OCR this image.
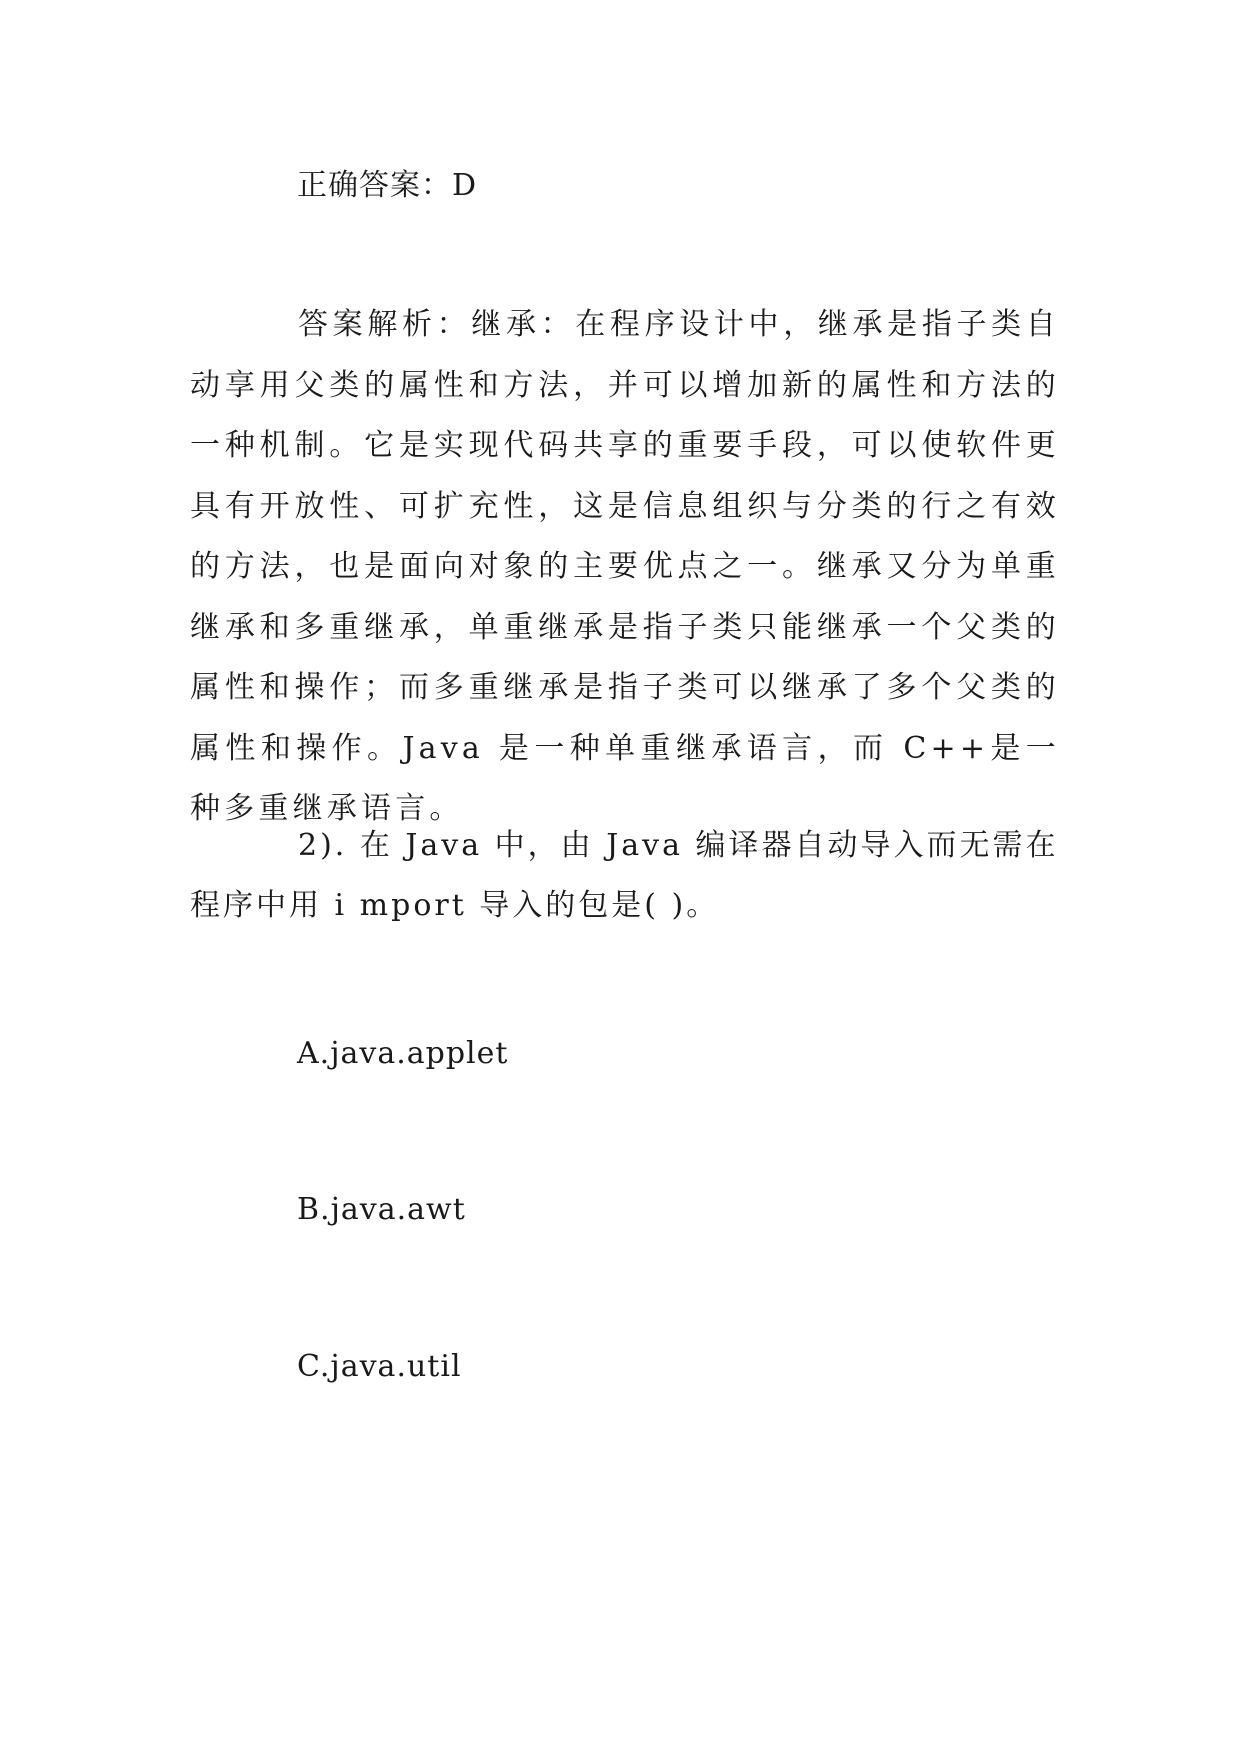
正确答案：D
答案解析：继承：在程序设计中，继承是指子类自动享用父类的属性和方法，并可以增加新的属性和方法的一种机制。它是实现代码共享的重要手段，可以使软件更具有开放性、可扩充性，这是信息组织与分类的行之有效的方法，也是面向对象的主要优点之一。继承又分为单重继承和多重继承，单重继承是指子类只能继承一个父类的属性和操作；而多重继承是指子类可以继承了多个父类的属性和操作。Java 是一种单重继承语言，而 C++是一种多重继承语言。
2). 在 Java 中，由 Java 编译器自动导入而无需在程序中用 i mport 导入的包是( )。
A.java.applet
B.java.awt
C.java.util
